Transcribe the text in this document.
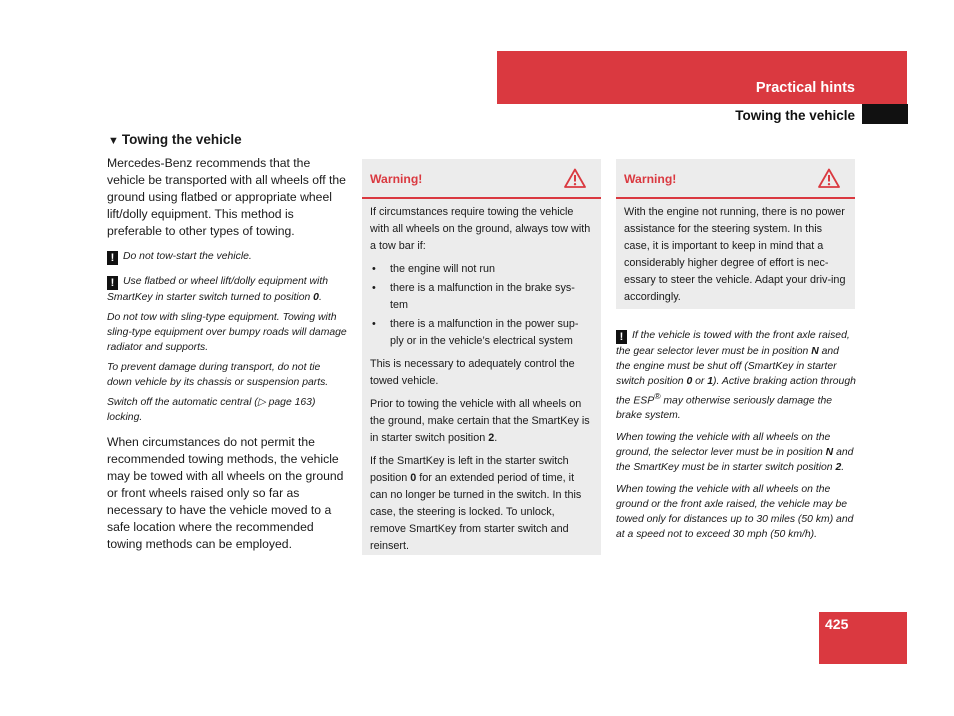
Practical hints
Towing the vehicle
▼ Towing the vehicle

Mercedes-Benz recommends that the vehicle be transported with all wheels off the ground using flatbed or appropriate wheel lift/dolly equipment. This method is preferable to other types of towing.

! Do not tow-start the vehicle.

! Use flatbed or wheel lift/dolly equipment with SmartKey in starter switch turned to position 0.

Do not tow with sling-type equipment. Towing with sling-type equipment over bumpy roads will damage radiator and supports.

To prevent damage during transport, do not tie down vehicle by its chassis or suspension parts.

Switch off the automatic central (▷ page 163) locking.

When circumstances do not permit the recommended towing methods, the vehicle may be towed with all wheels on the ground or front wheels raised only so far as necessary to have the vehicle moved to a safe location where the recommended towing methods can be employed.

Warning!

If circumstances require towing the vehicle with all wheels on the ground, always tow with a tow bar if:

• the engine will not run
• there is a malfunction in the brake sys-tem
• there is a malfunction in the power sup-ply or in the vehicle’s electrical system

This is necessary to adequately control the towed vehicle.

Prior to towing the vehicle with all wheels on the ground, make certain that the SmartKey is in starter switch position 2.

If the SmartKey is left in the starter switch position 0 for an extended period of time, it can no longer be turned in the switch. In this case, the steering is locked. To unlock, remove SmartKey from starter switch and reinsert.

Warning!

With the engine not running, there is no power assistance for the steering system. In this case, it is important to keep in mind that a considerably higher degree of effort is nec-essary to steer the vehicle. Adapt your driv-ing accordingly.

! If the vehicle is towed with the front axle raised, the gear selector lever must be in position N and the engine must be shut off (SmartKey in starter switch position 0 or 1). Active braking action through the ESP® may otherwise seriously damage the brake system.

When towing the vehicle with all wheels on the ground, the selector lever must be in position N and the SmartKey must be in starter switch position 2.

When towing the vehicle with all wheels on the ground or the front axle raised, the vehicle may be towed only for distances up to 30 miles (50 km) and at a speed not to exceed 30 mph (50 km/h).

425
